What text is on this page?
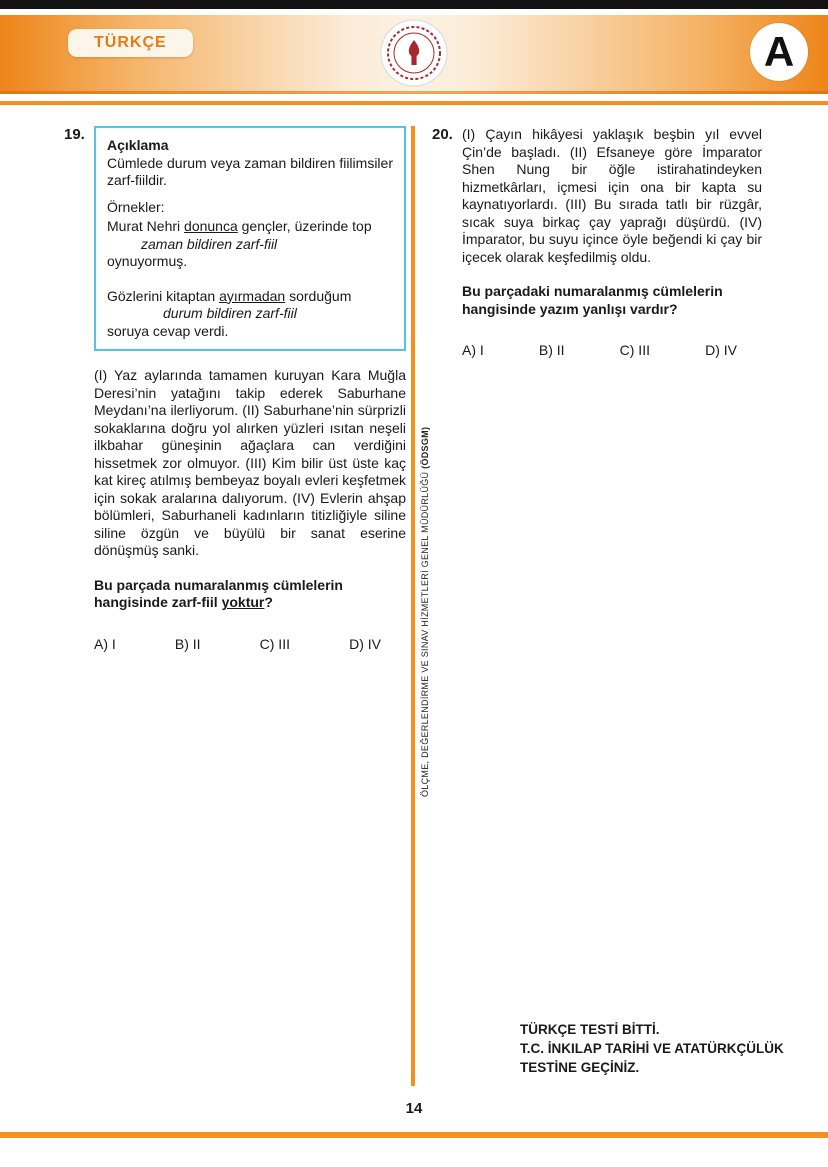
TÜRKÇE	A
19.

Açıklama

Cümlede durum veya zaman bildiren fiilimsiler zarf-fiildir.

Örnekler:

Murat Nehri donunca gençler, üzerinde top

zaman bildiren zarf-fiil

oynuyormuş.

Gözlerini kitaptan ayırmadan sorduğum

durum bildiren zarf-fiil

soruya cevap verdi.

(I) Yaz aylarında tamamen kuruyan Kara Muğla Deresi’nin yatağını takip ederek Saburhane Meydanı’na ilerliyorum. (II) Saburhane’nin sürprizli sokaklarına doğru yol alırken yüzleri ısıtan neşeli ilkbahar güneşinin ağaçlara can verdiğini hissetmek zor olmuyor. (III) Kim bilir üst üste kaç kat kireç atılmış bembeyaz boyalı evleri keşfetmek için sokak aralarına dalıyorum. (IV) Evlerin ahşap bölümleri, Saburhaneli kadınların titizliğiyle siline siline özgün ve büyülü bir sanat eserine dönüşmüş sanki.

Bu parçada numaralanmış cümlelerin hangisinde zarf-fiil yoktur?

A) I	B) II	C) III	D) IV	ÖLÇME, DEĞERLENDİRME VE SINAV HİZMETLERİ GENEL MÜDÜRLÜĞÜ (ÖDSGM)
20. (I) Çayın hikâyesi yaklaşık beşbin yıl evvel Çin’de başladı. (II) Efsaneye göre İmparator Shen Nung bir öğle istirahatindeyken hizmetkârları, içmesi için ona bir kapta su kaynatıyorlardı. (III) Bu sırada tatlı bir rüzgâr, sıcak suya birkaç çay yaprağı düşürdü. (IV) İmparator, bu suyu içince öyle beğendi ki çay bir içecek olarak keşfedilmiş oldu.

Bu parçadaki numaralanmış cümlelerin hangisinde yazım yanlışı vardır?

A) I	B) II	C) III	D) IV
TÜRKÇE TESTİ BİTTİ.
T.C. İNKILAP TARİHİ VE ATATÜRKÇÜLÜK
TESTİNE GEÇİNİZ.
14
